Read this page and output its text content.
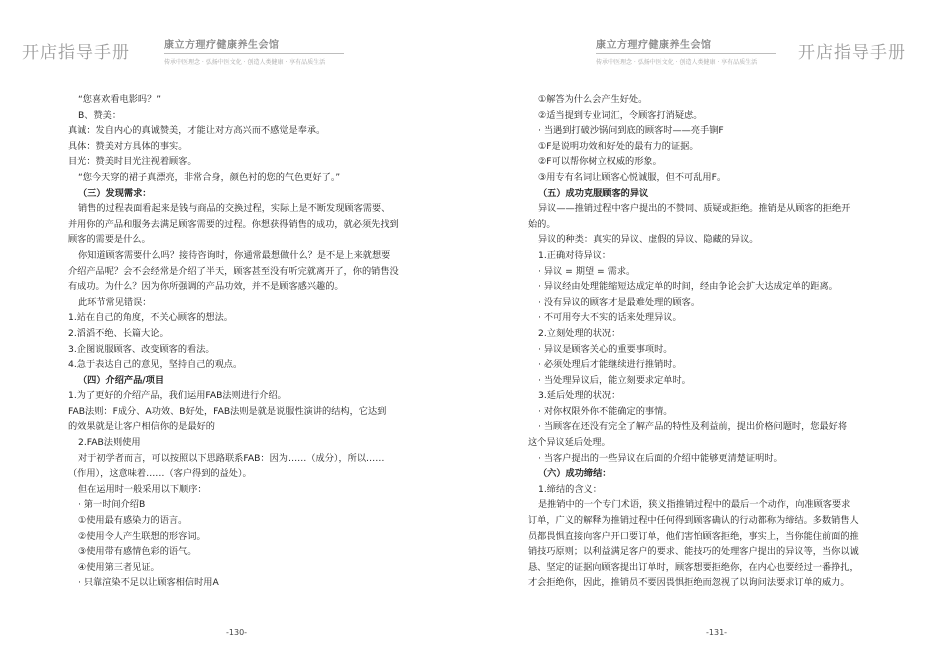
开店指导手册	康立方理疗健康养生会馆
传承中医理念 · 弘扬中医文化 · 创造人类健康 · 享有品质生活
“您喜欢看电影吗？”
B、赞美：
真诚：发自内心的真诚赞美，才能让对方高兴而不感觉是奉承。
具体：赞美对方具体的事实。
目光：赞美时目光注视着顾客。
“您今天穿的裙子真漂亮，非常合身，颜色衬的您的气色更好了。”
（三）发现需求：
销售的过程表面看起来是钱与商品的交换过程，实际上是不断发现顾客需要、
并用你的产品和服务去满足顾客需要的过程。你想获得销售的成功，就必须先找到
顾客的需要是什么。
你知道顾客需要什么吗？接待咨询时，你通常最想做什么？是不是上来就想要
介绍产品呢？会不会经常是介绍了半天，顾客甚至没有听完就离开了，你的销售没
有成功。为什么？因为你所强调的产品功效，并不是顾客感兴趣的。
此环节常见错误：
1.站在自己的角度，不关心顾客的想法。
2.滔滔不绝、长篇大论。
3.企图说服顾客、改变顾客的看法。
4.急于表达自己的意见，坚持自己的观点。
（四）介绍产品/项目
1.为了更好的介绍产品，我们运用FAB法则进行介绍。
FAB法则：F成分、A功效、B好处，FAB法则是就是说服性演讲的结构，它达到
的效果就是让客户相信你的是最好的
2.FAB法则使用
对于初学者而言，可以按照以下思路联系FAB：因为……（成分），所以……
（作用），这意味着……（客户得到的益处）。
但在运用时一般采用以下顺序：
· 第一时间介绍B
①使用最有感染力的语言。
②使用令人产生联想的形容词。
③使用带有感情色彩的语气。
④使用第三者见证。
· 只靠渲染不足以让顾客相信时用A
-130-
康立方理疗健康养生会馆
传承中医理念 · 弘扬中医文化 · 创造人类健康 · 享有品质生活	开店指导手册
①解答为什么会产生好处。
②适当提到专业词汇，令顾客打消疑虑。
· 当遇到打破沙锅问到底的顾客时——亮手锏F
①F是说明功效和好处的最有力的证据。
②F可以帮你树立权威的形象。
③用专有名词让顾客心悦诚服，但不可乱用F。
（五）成功克服顾客的异议
异议——推销过程中客户提出的不赞同、质疑或拒绝。推销是从顾客的拒绝开
始的。
异议的种类：真实的异议、虚假的异议、隐藏的异议。
1.正确对待异议：
· 异议 = 期望 = 需求。
· 异议经由处理能缩短达成定单的时间，经由争论会扩大达成定单的距离。
· 没有异议的顾客才是最难处理的顾客。
· 不可用夸大不实的话来处理异议。
2.立刻处理的状况：
· 异议是顾客关心的重要事项时。
· 必须处理后才能继续进行推销时。
· 当处理异议后，能立刻要求定单时。
3.延后处理的状况：
· 对你权限外你不能确定的事情。
· 当顾客在还没有完全了解产品的特性及利益前，提出价格问题时，您最好将
这个异议延后处理。
· 当客户提出的一些异议在后面的介绍中能够更清楚证明时。
（六）成功缔结：
1.缔结的含义：
是推销中的一个专门术语，狭义指推销过程中的最后一个动作，向准顾客要求
订单，广义的解释为推销过程中任何得到顾客确认的行动都称为缔结。多数销售人
员都畏惧直接向客户开口要订单，他们害怕顾客拒绝，事实上，当你能住前面的推
销技巧原则；以利益满足客户的要求、能技巧的处理客户提出的异议等，当你以诚
恳、坚定的证据向顾客提出订单时，顾客想要拒绝你，在内心也要经过一番挣扎，
才会拒绝你，因此，推销员不要因畏惧拒绝而忽视了以询问法要求订单的威力。
-131-
